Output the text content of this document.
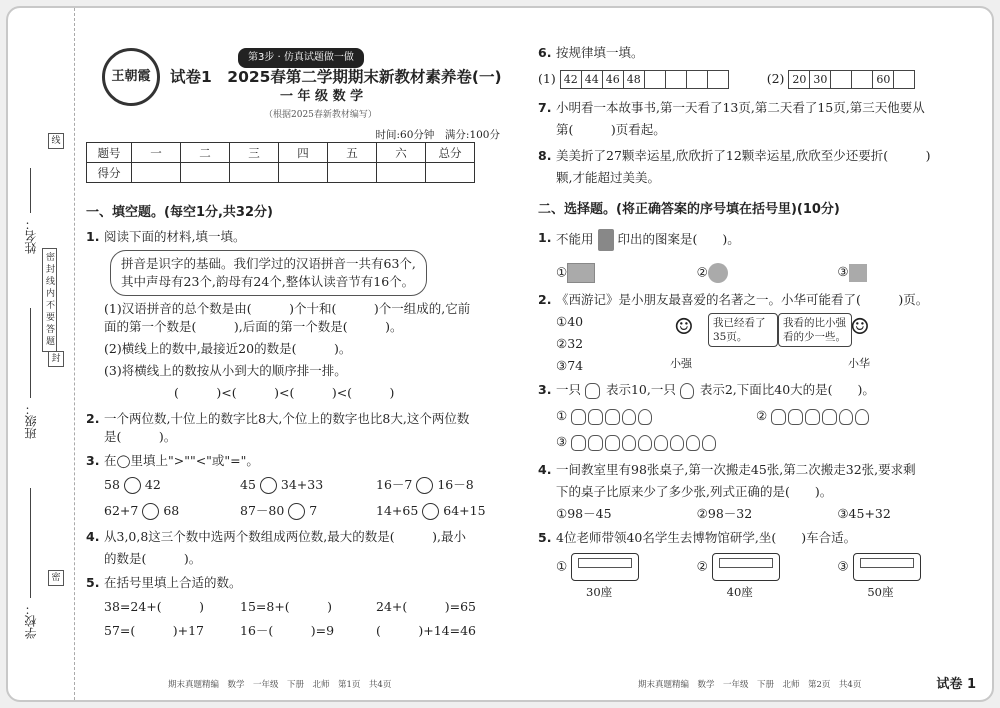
姓名：
班级：
学校：
密封线内不要答题
线
封
密
王朝霞
第3步 · 仿真试题做一做
试卷1　2025春第二学期期末新教材素养卷(一)
一 年 级 数 学
（根据2025春新教材编写）
时间:60分钟　满分:100分
题号	一	二	三	四	五	六	总分
得分							

一、填空题。(每空1分,共32分)

1. 阅读下面的材料,填一填。
拼音是识字的基础。我们学过的汉语拼音一共有63个,
其中声母有23个,韵母有24个,整体认读音节有16个。
(1)汉语拼音的总个数是由(　　　)个十和(　　　)个一组成的,它前
面的第一个数是(　　　),后面的第一个数是(　　　)。
(2)横线上的数中,最接近20的数是(　　　)。
(3)将横线上的数按从小到大的顺序排一排。
(　　　)<(　　　)<(　　　)<(　　　)
2. 一个两位数,十位上的数字比8大,个位上的数字也比8大,这个两位数
是(　　　)。
3. 在◯里填上">""<"或"="。
58 42	45 34+33	16－7 16－8
62+7 68	87－80 7	14+65 64+15
4. 从3,0,8这三个数中选两个数组成两位数,最大的数是(　　　),最小
的数是(　　　)。
5. 在括号里填上合适的数。
38=24+(　　　)	15=8+(　　　)	24+(　　　)=65
57=(　　　)+17	16－(　　　)=9	(　　　)+14=46
6. 按规律填一填。
(1) 42 44 46 48	(2) 20 30	60
7. 小明看一本故事书,第一天看了13页,第二天看了15页,第三天他要从
第(　　　)页看起。
8. 美美折了27颗幸运星,欣欣折了12颗幸运星,欣欣至少还要折(　　　)
颗,才能超过美美。

二、选择题。(将正确答案的序号填在括号里)(10分)

1. 不能用 印出的图案是(　　)。
①	②	③
2. 《西游记》是小朋友最喜爱的名著之一。小华可能看了(　　　)页。
①40
②32
③74
☺	我已经看了35页。
我看的比小强看的少一些。 ☺
小强	小华
3. 一只 表示10,一只 表示2,下面比40大的是(　　)。
①	②
③
4. 一间教室里有98张桌子,第一次搬走45张,第二次搬走32张,要求剩
下的桌子比原来少了多少张,列式正确的是(　　)。
①98－45	②98－32	③45+32
5. 4位老师带领40名学生去博物馆研学,坐(　　)车合适。
①	②	③
30座	40座	50座
期末真题精编　数学　一年级　下册　北师　第1页　共4页	期末真题精编　数学　一年级　下册　北师　第2页　共4页	试卷 1
